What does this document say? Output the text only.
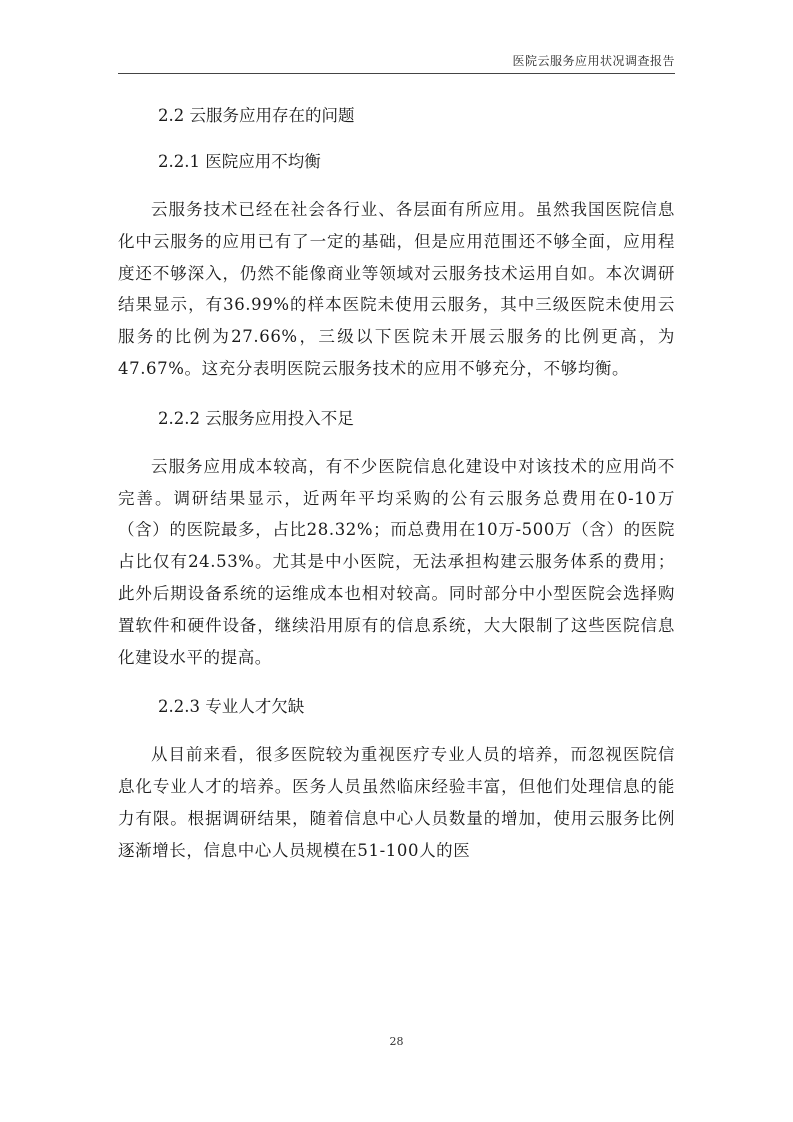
医院云服务应用状况调查报告
2.2 云服务应用存在的问题
2.2.1 医院应用不均衡

云服务技术已经在社会各行业、各层面有所应用。虽然我国医院信息化中云服务的应用已有了一定的基础，但是应用范围还不够全面，应用程度还不够深入，仍然不能像商业等领域对云服务技术运用自如。本次调研结果显示，有36.99%的样本医院未使用云服务，其中三级医院未使用云服务的比例为27.66%，三级以下医院未开展云服务的比例更高，为47.67%。这充分表明医院云服务技术的应用不够充分，不够均衡。

2.2.2 云服务应用投入不足

云服务应用成本较高，有不少医院信息化建设中对该技术的应用尚不完善。调研结果显示，近两年平均采购的公有云服务总费用在0-10万（含）的医院最多，占比28.32%；而总费用在10万-500万（含）的医院占比仅有24.53%。尤其是中小医院，无法承担构建云服务体系的费用；此外后期设备系统的运维成本也相对较高。同时部分中小型医院会选择购置软件和硬件设备，继续沿用原有的信息系统，大大限制了这些医院信息化建设水平的提高。

2.2.3 专业人才欠缺

从目前来看，很多医院较为重视医疗专业人员的培养，而忽视医院信息化专业人才的培养。医务人员虽然临床经验丰富，但他们处理信息的能力有限。根据调研结果，随着信息中心人员数量的增加，使用云服务比例逐渐增长，信息中心人员规模在51-100人的医

28
